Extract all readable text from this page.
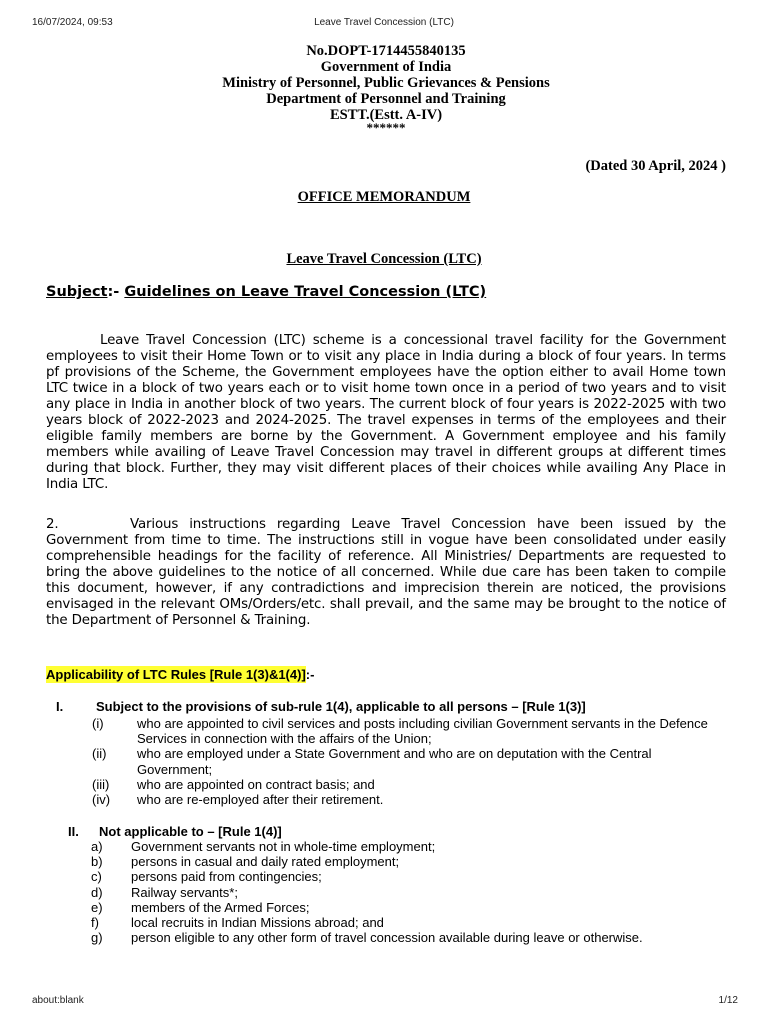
16/07/2024, 09:53	Leave Travel Concession (LTC)
No.DOPT-1714455840135
Government of India
Ministry of Personnel, Public Grievances & Pensions
Department of Personnel and Training
ESTT.(Estt. A-IV)
******
(Dated 30 April, 2024 )
OFFICE MEMORANDUM
Leave Travel Concession (LTC)
Subject:- Guidelines on Leave Travel Concession (LTC)
Leave Travel Concession (LTC) scheme is a concessional travel facility for the Government employees to visit their Home Town or to visit any place in India during a block of four years. In terms pf provisions of the Scheme, the Government employees have the option either to avail Home town LTC twice in a block of two years each or to visit home town once in a period of two years and to visit any place in India in another block of two years. The current block of four years is 2022-2025 with two years block of 2022-2023 and 2024-2025. The travel expenses in terms of the employees and their eligible family members are borne by the Government. A Government employee and his family members while availing of Leave Travel Concession may travel in different groups at different times during that block. Further, they may visit different places of their choices while availing Any Place in India LTC.
2.	Various instructions regarding Leave Travel Concession have been issued by the Government from time to time. The instructions still in vogue have been consolidated under easily comprehensible headings for the facility of reference. All Ministries/ Departments are requested to bring the above guidelines to the notice of all concerned. While due care has been taken to compile this document, however, if any contradictions and imprecision therein are noticed, the provisions envisaged in the relevant OMs/Orders/etc. shall prevail, and the same may be brought to the notice of the Department of Personnel & Training.
Applicability of LTC Rules [Rule 1(3)&1(4)]:-
I.	Subject to the provisions of sub-rule 1(4), applicable to all persons – [Rule 1(3)]
(i)	who are appointed to civil services and posts including civilian Government servants in the Defence Services in connection with the affairs of the Union;
(ii) who are employed under a State Government and who are on deputation with the Central Government;
(iii) who are appointed on contract basis; and
(iv) who are re-employed after their retirement.
II. Not applicable to – [Rule 1(4)]
a) Government servants not in whole-time employment;
b) persons in casual and daily rated employment;
c) persons paid from contingencies;
d) Railway servants*;
e) members of the Armed Forces;
f) local recruits in Indian Missions abroad; and
g) person eligible to any other form of travel concession available during leave or otherwise.
about:blank	1/12
